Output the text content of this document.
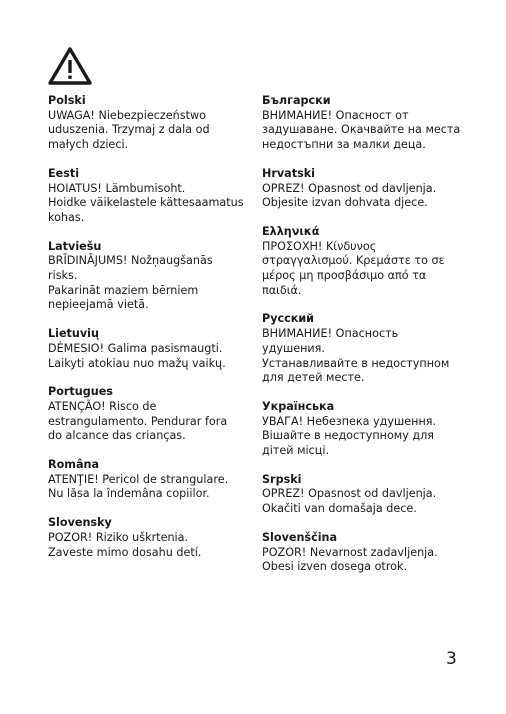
Polski
UWAGA! Niebezpieczeństwo
uduszenia. Trzymaj z dala od
małych dzieci.
Eesti
HOIATUS! Lämbumisoht.
Hoidke väikelastele kättesaamatus
kohas.
Latviešu
BRĪDINĀJUMS! Nožņaugšanās
risks.
Pakarināt maziem bērniem
nepieejamā vietā.
Lietuvių
DĖMESIO! Galima pasismaugti.
Laikyti atokiau nuo mažų vaikų.
Portugues
ATENÇÃO! Risco de
estrangulamento. Pendurar fora
do alcance das crianças.
Româna
ATENŢIE! Pericol de strangulare.
Nu lăsa la îndemâna copiilor.
Slovensky
POZOR! Riziko uškrtenia.
Zaveste mimo dosahu detí.
Български
ВНИМАНИЕ! Опасност от
задушаване. Окачвайте на места
недостъпни за малки деца.
Hrvatski
OPREZ! Opasnost od davljenja.
Objesite izvan dohvata djece.
Ελληνικά
ΠΡΟΣΟΧΗ! Κίνδυνος
στραγγαλισμού. Κρεμάστε το σε
μέρος μη προσβάσιμο από τα
παιδιά.
Русский
ВНИМАНИЕ! Опасность
удушения.
Устанавливайте в недоступном
для детей месте.
Українська
УВАГА! Небезпека удушення.
Вішайте в недоступному для
дітей місці.
Srpski
OPREZ! Opasnost od davljenja.
Okačiti van domašaja dece.
Slovenščina
POZOR! Nevarnost zadavljenja.
Obesi izven dosega otrok.
3
